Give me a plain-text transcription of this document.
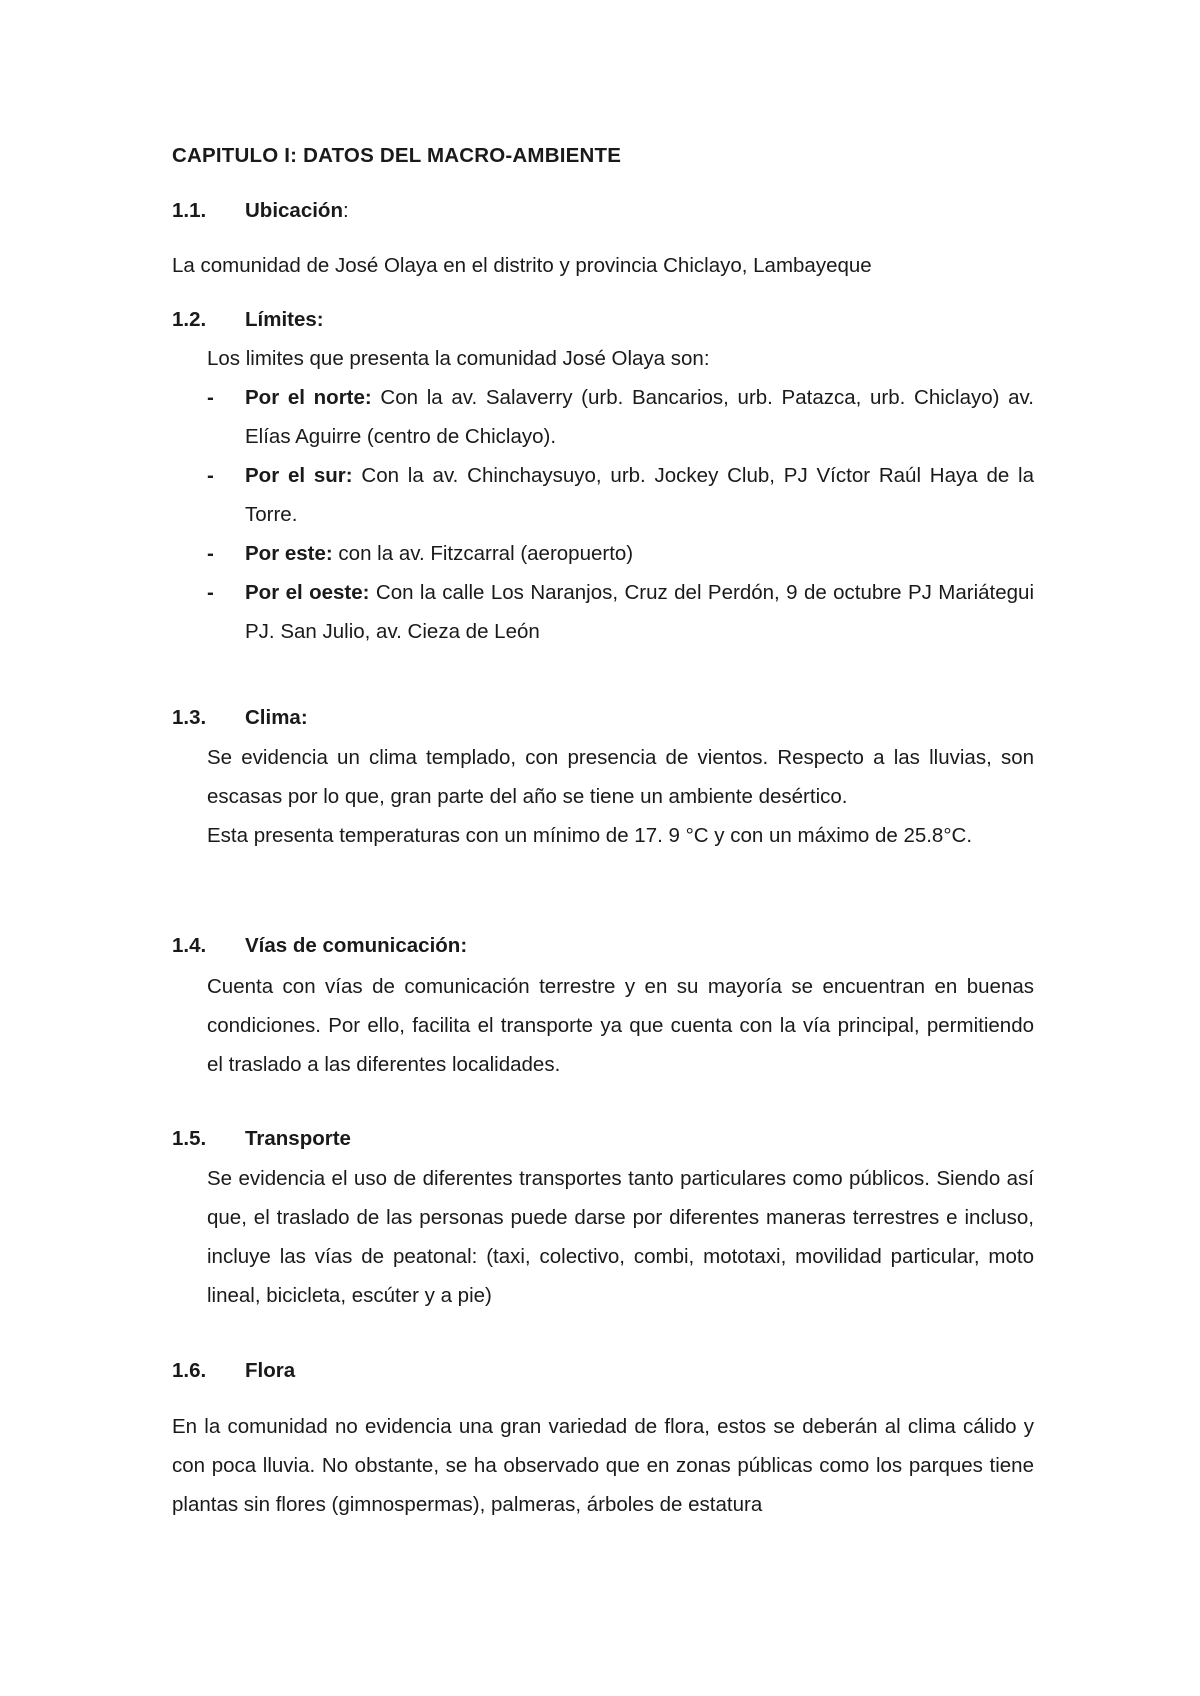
CAPITULO I: DATOS DEL MACRO-AMBIENTE
1.1. Ubicación:

La comunidad de José Olaya en el distrito y provincia Chiclayo, Lambayeque

1.2. Límites:

Los limites que presenta la comunidad José Olaya son:

- Por el norte: Con la av. Salaverry (urb. Bancarios, urb. Patazca, urb. Chiclayo) av. Elías Aguirre (centro de Chiclayo).
- Por el sur: Con la av. Chinchaysuyo, urb. Jockey Club, PJ Víctor Raúl Haya de la Torre.
- Por este: con la av. Fitzcarral (aeropuerto)
- Por el oeste: Con la calle Los Naranjos, Cruz del Perdón, 9 de octubre PJ Mariátegui PJ. San Julio, av. Cieza de León
1.3. Clima:

Se evidencia un clima templado, con presencia de vientos. Respecto a las lluvias, son escasas por lo que, gran parte del año se tiene un ambiente desértico.

Esta presenta temperaturas con un mínimo de 17. 9 °C y con un máximo de 25.8°C.

1.4. Vías de comunicación:

Cuenta con vías de comunicación terrestre y en su mayoría se encuentran en buenas condiciones. Por ello, facilita el transporte ya que cuenta con la vía principal, permitiendo el traslado a las diferentes localidades.

1.5. Transporte

Se evidencia el uso de diferentes transportes tanto particulares como públicos. Siendo así que, el traslado de las personas puede darse por diferentes maneras terrestres e incluso, incluye las vías de peatonal: (taxi, colectivo, combi, mototaxi, movilidad particular, moto lineal, bicicleta, escúter y a pie)

1.6. Flora

En la comunidad no evidencia una gran variedad de flora, estos se deberán al clima cálido y con poca lluvia. No obstante, se ha observado que en zonas públicas como los parques tiene plantas sin flores (gimnospermas), palmeras, árboles de estatura
